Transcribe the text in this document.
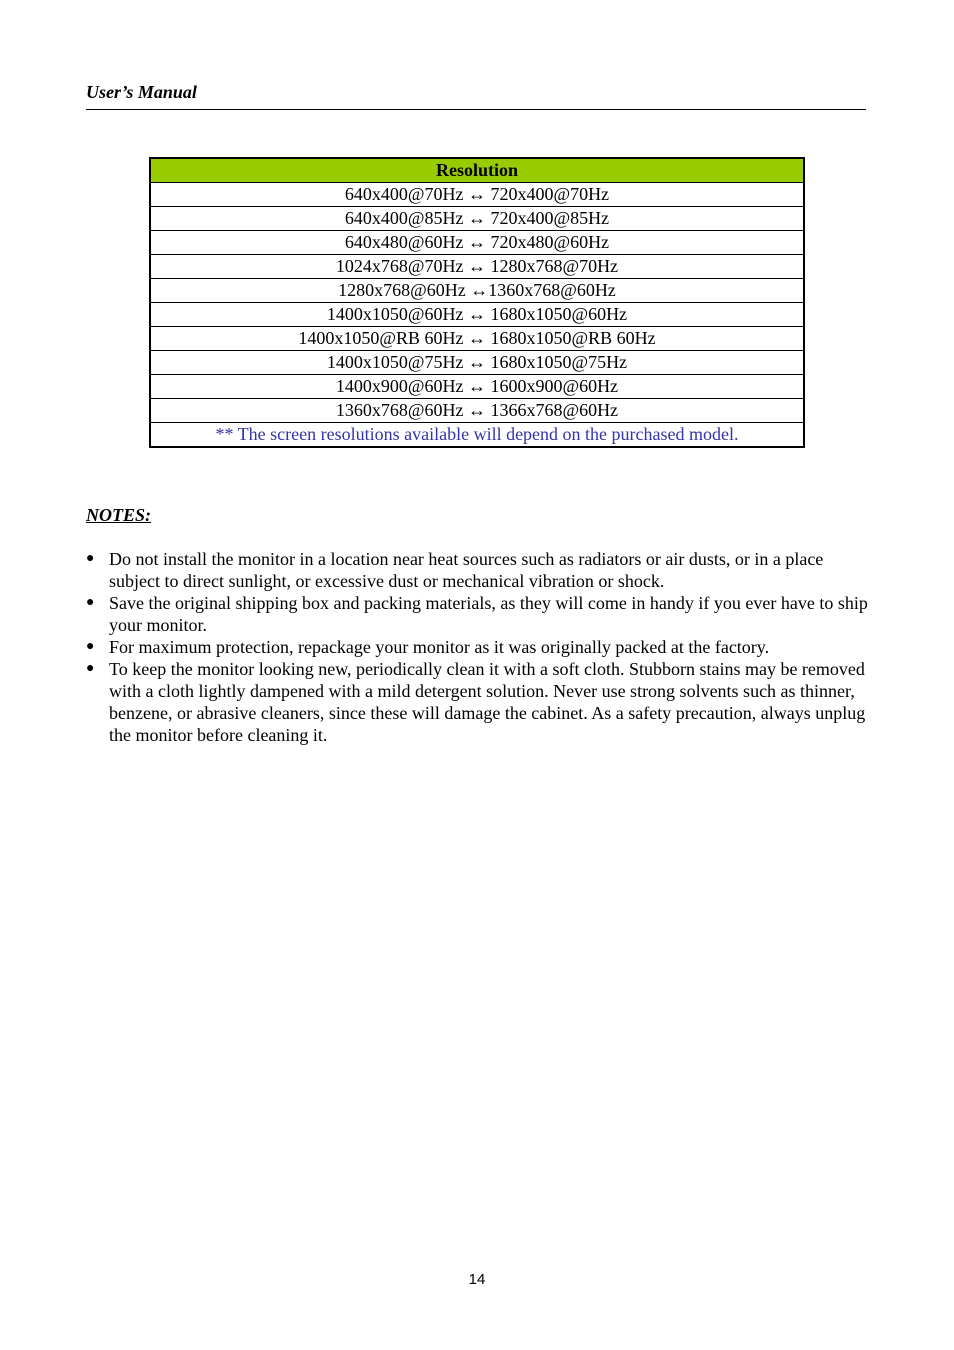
User’s Manual
Resolution
640x400@70Hz ↔ 720x400@70Hz
640x400@85Hz ↔ 720x400@85Hz
640x480@60Hz ↔ 720x480@60Hz
1024x768@70Hz ↔ 1280x768@70Hz
1280x768@60Hz ↔1360x768@60Hz
1400x1050@60Hz ↔ 1680x1050@60Hz
1400x1050@RB 60Hz ↔ 1680x1050@RB 60Hz
1400x1050@75Hz ↔ 1680x1050@75Hz
1400x900@60Hz ↔ 1600x900@60Hz
1360x768@60Hz ↔ 1366x768@60Hz
** The screen resolutions available will depend on the purchased model.
NOTES:
● Do not install the monitor in a location near heat sources such as radiators or air dusts, or in a place subject to direct sunlight, or excessive dust or mechanical vibration or shock.
● Save the original shipping box and packing materials, as they will come in handy if you ever have to ship your monitor.
● For maximum protection, repackage your monitor as it was originally packed at the factory.
● To keep the monitor looking new, periodically clean it with a soft cloth. Stubborn stains may be removed with a cloth lightly dampened with a mild detergent solution. Never use strong solvents such as thinner, benzene, or abrasive cleaners, since these will damage the cabinet. As a safety precaution, always unplug the monitor before cleaning it.
14
